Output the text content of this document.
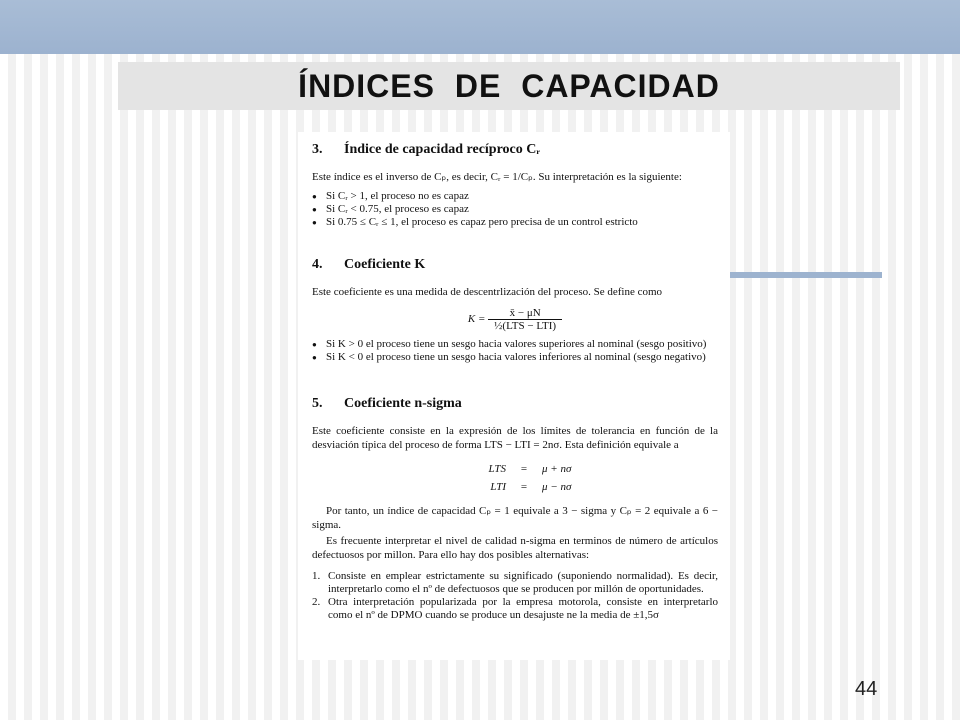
ÍNDICES DE CAPACIDAD
3.	Índice de capacidad recíproco Cᵣ
Este índice es el inverso de Cₚ, es decir, Cᵣ = 1/Cₚ. Su interpretación es la siguiente:
● Si Cᵣ > 1, el proceso no es capaz
● Si Cᵣ < 0.75, el proceso es capaz
● Si 0.75 ≤ Cᵣ ≤ 1, el proceso es capaz pero precisa de un control estricto
4.	Coeficiente K
Este coeficiente es una medida de descentrlización del proceso. Se define como
$K = \frac{x̄ - \mu N}{\text{½(LTS − LTI)}}$
● Si K > 0 el proceso tiene un sesgo hacia valores superiores al nominal (sesgo positivo)
● Si K < 0 el proceso tiene un sesgo hacia valores inferiores al nominal (sesgo negativo)
5.	Coeficiente n-sigma
Este coeficiente consiste en la expresión de los límites de tolerancia en función de la desviación típica del proceso de forma LTS − LTI = 2nσ. Esta definición equivale a
LTS	=	μ + nσ
LTI	=	μ − nσ
Por tanto, un índice de capacidad Cₚ = 1 equivale a 3 − sigma y Cₚ = 2 equivale a 6 − sigma.
Es frecuente interpretar el nivel de calidad n-sigma en terminos de número de artículos defectuosos por millon. Para ello hay dos posibles alternativas:
1. Consiste en emplear estrictamente su significado (suponiendo normalidad). Es decir, interpretarlo como el nº de defectuosos que se producen por millón de oportunidades.
2. Otra interpretación popularizada por la empresa motorola, consiste en interpretarlo como el nº de DPMO cuando se produce un desajuste ne la media de ±1,5σ
44
